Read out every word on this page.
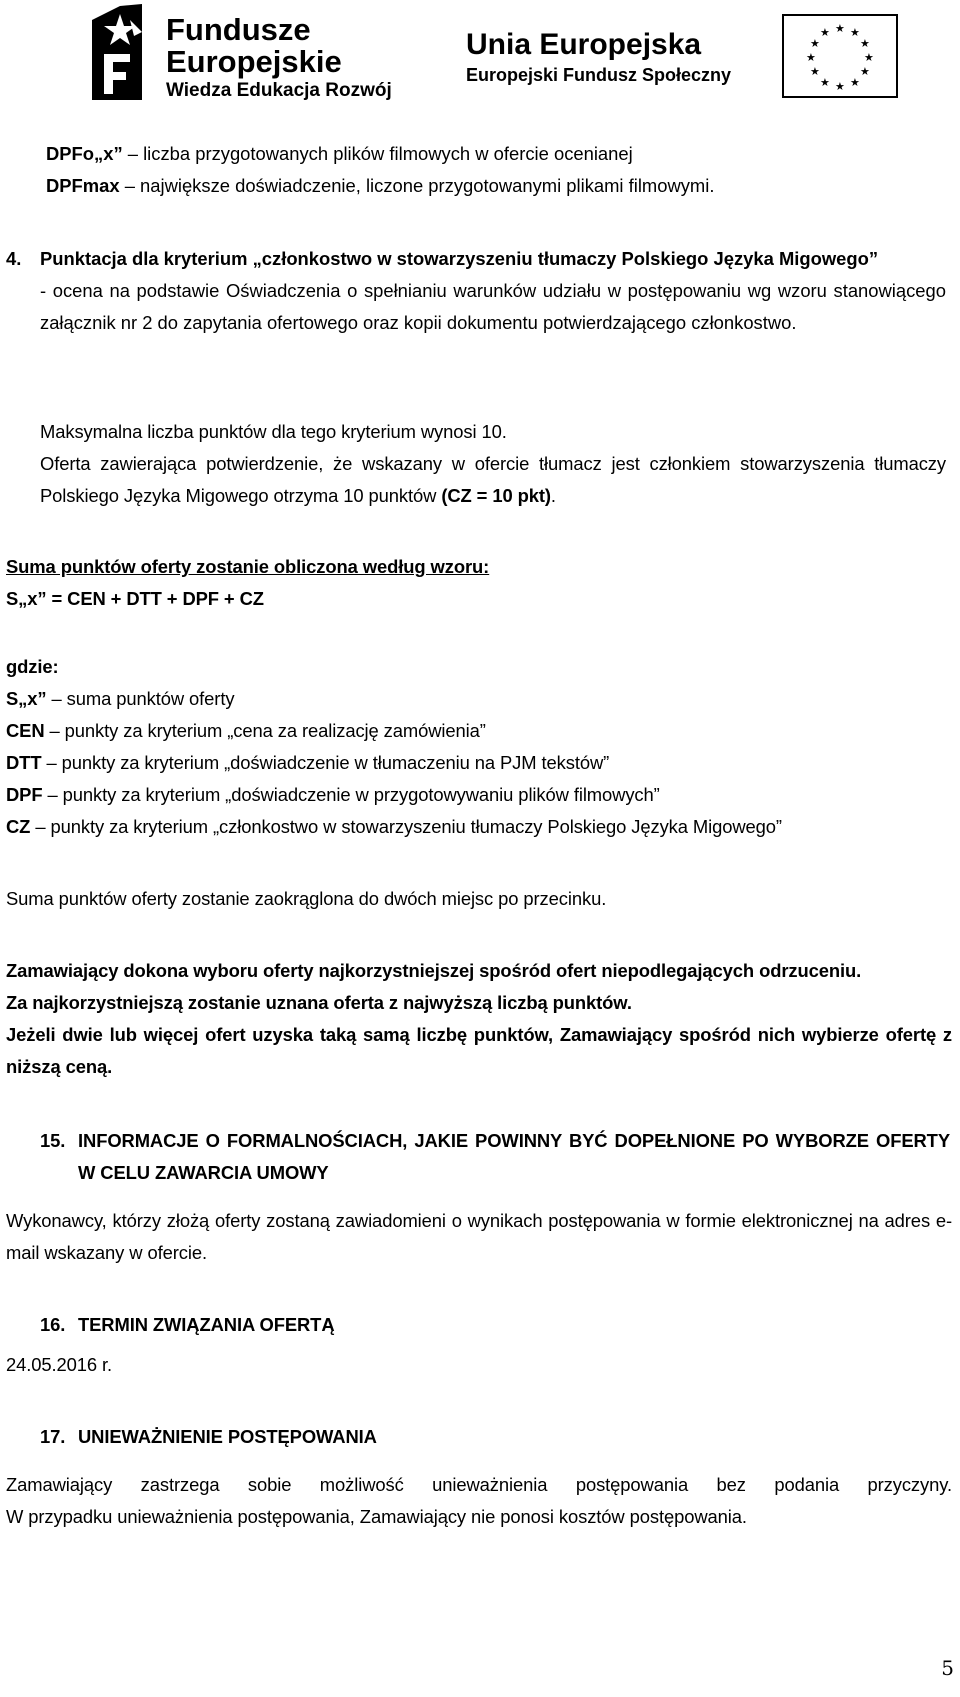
Fundusze
Europejskie
Wiedza Edukacja Rozwój
Unia Europejska
Europejski Fundusz Społeczny
★ ★
★
★
★
★
★
★
★
★
★
★
DPFo„x” – liczba przygotowanych plików filmowych w ofercie ocenianej
DPFmax – największe doświadczenie, liczone przygotowanymi plikami filmowymi.
4.	Punktacja dla kryterium „członkostwo w stowarzyszeniu tłumaczy Polskiego Języka Migowego”
- ocena na podstawie Oświadczenia o spełnianiu warunków udziału w postępowaniu wg wzoru stanowiącego załącznik nr 2 do zapytania ofertowego oraz kopii dokumentu potwierdzającego członkostwo.
Maksymalna liczba punktów dla tego kryterium wynosi 10.
Oferta zawierająca potwierdzenie, że wskazany w ofercie tłumacz jest członkiem stowarzyszenia tłumaczy Polskiego Języka Migowego otrzyma 10 punktów (CZ = 10 pkt).
Suma punktów oferty zostanie obliczona według wzoru:
S„x” = CEN + DTT + DPF + CZ
gdzie:
S„x” – suma punktów oferty
CEN – punkty za kryterium „cena za realizację zamówienia”
DTT – punkty za kryterium „doświadczenie w tłumaczeniu na PJM tekstów”
DPF – punkty za kryterium „doświadczenie w przygotowywaniu plików filmowych”
CZ – punkty za kryterium „członkostwo w stowarzyszeniu tłumaczy Polskiego Języka Migowego”
Suma punktów oferty zostanie zaokrąglona do dwóch miejsc po przecinku.
Zamawiający dokona wyboru oferty najkorzystniejszej spośród ofert niepodlegających odrzuceniu.
Za najkorzystniejszą zostanie uznana oferta z najwyższą liczbą punktów.
Jeżeli dwie lub więcej ofert uzyska taką samą liczbę punktów, Zamawiający spośród nich wybierze ofertę z niższą ceną.
15. INFORMACJE O FORMALNOŚCIACH, JAKIE POWINNY BYĆ DOPEŁNIONE PO WYBORZE OFERTY W CELU ZAWARCIA UMOWY
Wykonawcy, którzy złożą oferty zostaną zawiadomieni o wynikach postępowania w formie elektronicznej na adres e-mail wskazany w ofercie.
16. TERMIN ZWIĄZANIA OFERTĄ
24.05.2016 r.
17. UNIEWAŻNIENIE POSTĘPOWANIA
Zamawiający zastrzega sobie możliwość unieważnienia postępowania bez podania przyczyny.
W przypadku unieważnienia postępowania, Zamawiający nie ponosi kosztów postępowania.
5
